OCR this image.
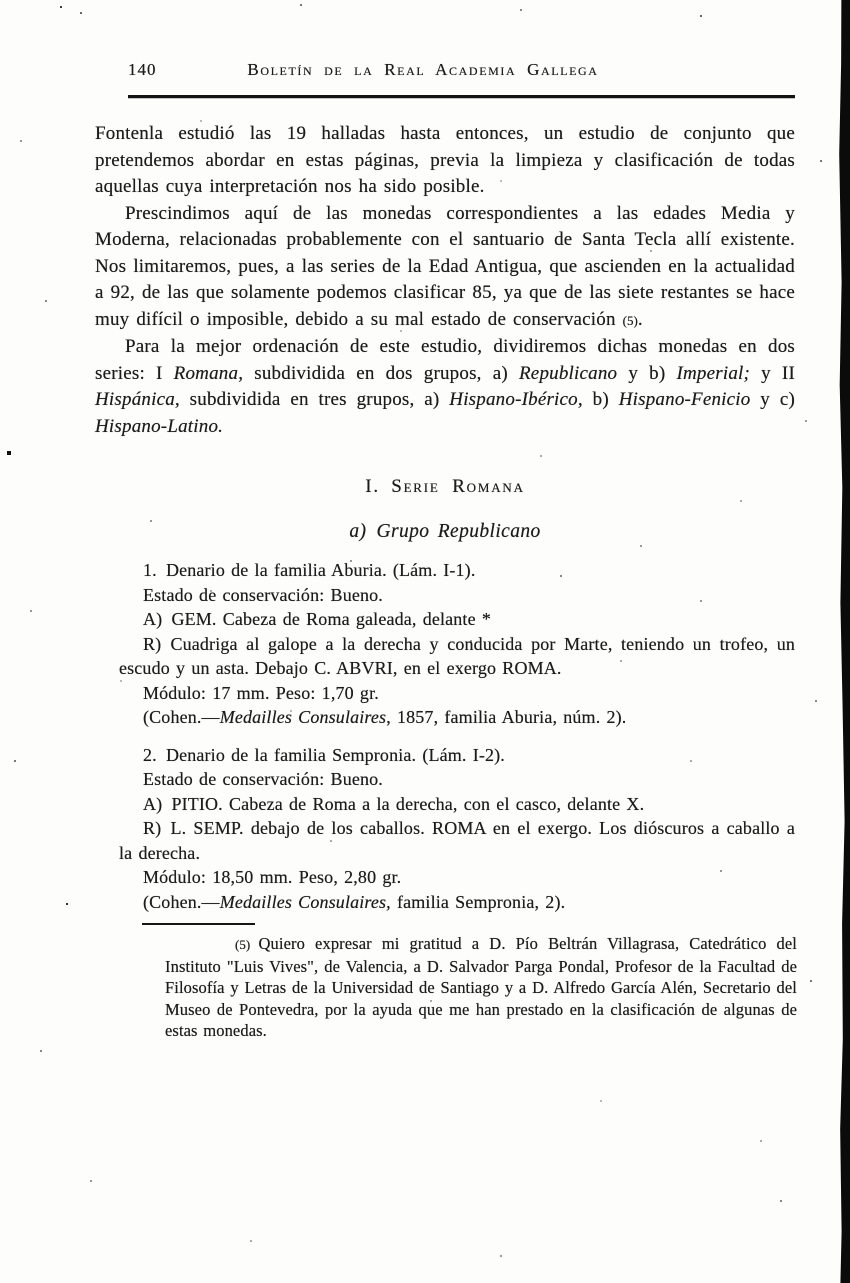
140	Boletín de la Real Academia Gallega

Fontenla estudió las 19 halladas hasta entonces, un estudio de conjunto que pretendemos abordar en estas páginas, previa la limpieza y clasificación de todas aquellas cuya interpretación nos ha sido posible.

Prescindimos aquí de las monedas correspondientes a las edades Media y Moderna, relacionadas probablemente con el santuario de Santa Tecla allí existente. Nos limitaremos, pues, a las series de la Edad Antigua, que ascienden en la actualidad a 92, de las que solamente podemos clasificar 85, ya que de las siete restantes se hace muy difícil o imposible, debido a su mal estado de conservación (5).

Para la mejor ordenación de este estudio, dividiremos dichas monedas en dos series: I Romana, subdividida en dos grupos, a) Republicano y b) Imperial; y II Hispánica, subdividida en tres grupos, a) Hispano-Ibérico, b) Hispano-Fenicio y c) Hispano-Latino.

I. Serie Romana
a) Grupo Republicano

1. Denario de la familia Aburia. (Lám. I-1).

Estado de conservación: Bueno.

A) GEM. Cabeza de Roma galeada, delante *

R) Cuadriga al galope a la derecha y conducida por Marte, teniendo un trofeo, un escudo y un asta. Debajo C. ABVRI, en el exergo ROMA.

Módulo: 17 mm. Peso: 1,70 gr.

(Cohen.—Medailles Consulaires, 1857, familia Aburia, núm. 2).

2. Denario de la familia Sempronia. (Lám. I-2).

Estado de conservación: Bueno.

A) PITIO. Cabeza de Roma a la derecha, con el casco, delante X.

R) L. SEMP. debajo de los caballos. ROMA en el exergo. Los dióscuros a caballo a la derecha.

Módulo: 18,50 mm. Peso, 2,80 gr.

(Cohen.—Medailles Consulaires, familia Sempronia, 2).

(5) Quiero expresar mi gratitud a D. Pío Beltrán Villagrasa, Catedrático del Instituto "Luis Vives", de Valencia, a D. Salvador Parga Pondal, Profesor de la Facultad de Filosofía y Letras de la Universidad de Santiago y a D. Alfredo García Alén, Secretario del Museo de Pontevedra, por la ayuda que me han prestado en la clasificación de algunas de estas monedas.
